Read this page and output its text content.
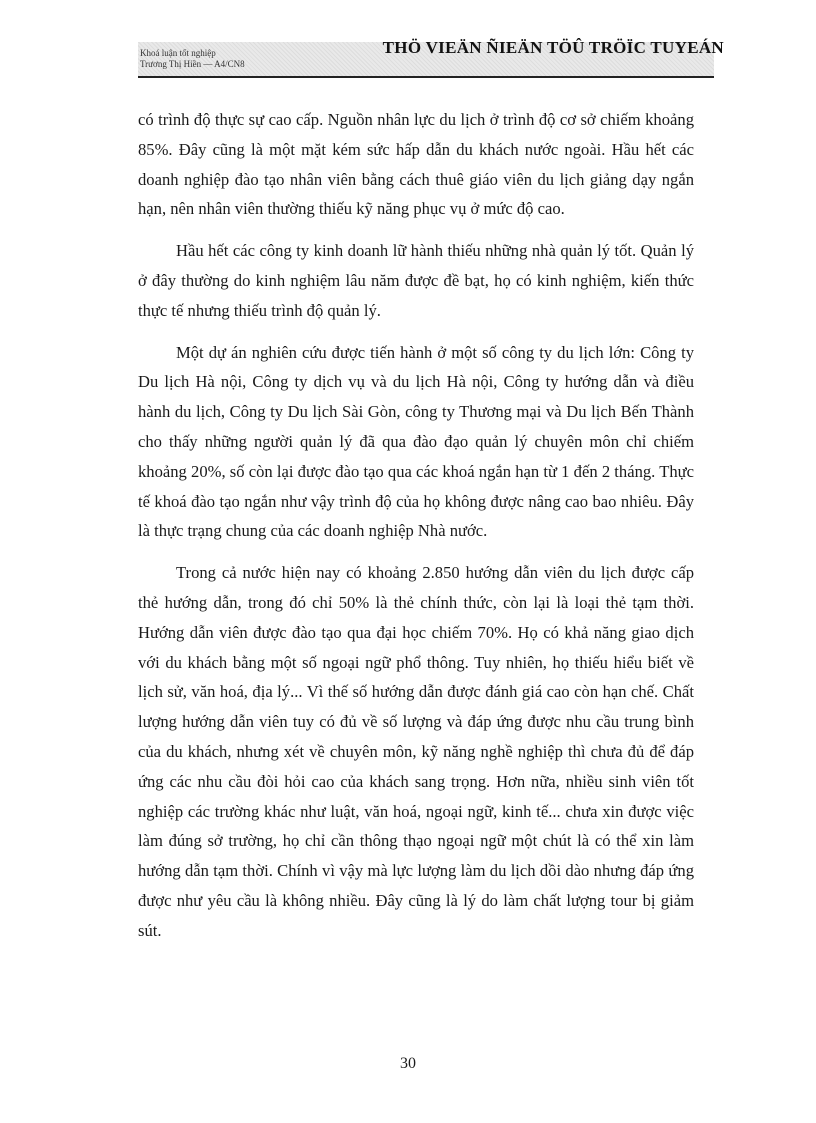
Khoá luận tốt nghiệp
Trương Thị Hiền — A4/CN8
THÖ VIEÄN ÑIEÄN TÖÛ TRÖÏC TUYEÁN

có trình độ thực sự cao cấp. Nguồn nhân lực du lịch ở trình độ cơ sở chiếm khoảng 85%. Đây cũng là một mặt kém sức hấp dẫn du khách nước ngoài. Hầu hết các doanh nghiệp đào tạo nhân viên bằng cách thuê giáo viên du lịch giảng dạy ngắn hạn, nên nhân viên thường thiếu kỹ năng phục vụ ở mức độ cao.

Hầu hết các công ty kinh doanh lữ hành thiếu những nhà quản lý tốt. Quản lý ở đây thường do kinh nghiệm lâu năm được đề bạt, họ có kinh nghiệm, kiến thức thực tế nhưng thiếu trình độ quản lý.

Một dự án nghiên cứu được tiến hành ở một số công ty du lịch lớn: Công ty Du lịch Hà nội, Công ty dịch vụ và du lịch Hà nội, Công ty hướng dẫn và điều hành du lịch, Công ty Du lịch Sài Gòn, công ty Thương mại và Du lịch Bến Thành cho thấy những người quản lý đã qua đào đạo quản lý chuyên môn chỉ chiếm khoảng 20%, số còn lại được đào tạo qua các khoá ngắn hạn từ 1 đến 2 tháng. Thực tế khoá đào tạo ngắn như vậy trình độ của họ không được nâng cao bao nhiêu. Đây là thực trạng chung của các doanh nghiệp Nhà nước.

Trong cả nước hiện nay có khoảng 2.850 hướng dẫn viên du lịch được cấp thẻ hướng dẫn, trong đó chỉ 50% là thẻ chính thức, còn lại là loại thẻ tạm thời. Hướng dẫn viên được đào tạo qua đại học chiếm 70%. Họ có khả năng giao dịch với du khách bằng một số ngoại ngữ phổ thông. Tuy nhiên, họ thiếu hiểu biết về lịch sử, văn hoá, địa lý... Vì thế số hướng dẫn được đánh giá cao còn hạn chế. Chất lượng hướng dẫn viên tuy có đủ về số lượng và đáp ứng được nhu cầu trung bình của du khách, nhưng xét về chuyên môn, kỹ năng nghề nghiệp thì chưa đủ để đáp ứng các nhu cầu đòi hỏi cao của khách sang trọng. Hơn nữa, nhiều sinh viên tốt nghiệp các trường khác như luật, văn hoá, ngoại ngữ, kinh tế... chưa xin được việc làm đúng sở trường, họ chỉ cần thông thạo ngoại ngữ một chút là có thể xin làm hướng dẫn tạm thời. Chính vì vậy mà lực lượng làm du lịch dồi dào nhưng đáp ứng được như yêu cầu là không nhiều. Đây cũng là lý do làm chất lượng tour bị giảm sút.

30
